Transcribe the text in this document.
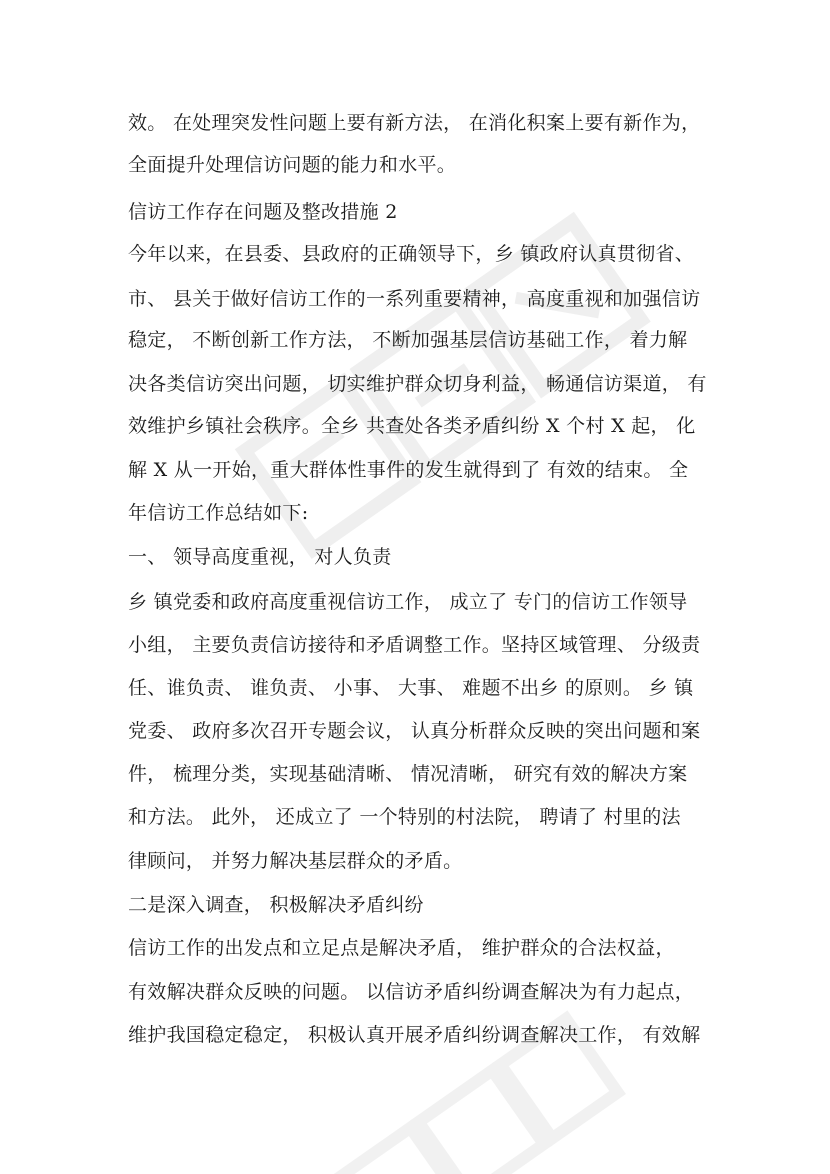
效。 在处理突发性问题上要有新方法， 在消化积案上要有新作为，
全面提升处理信访问题的能力和水平。
信访工作存在问题及整改措施 2
今年以来，在县委、县政府的正确领导下，乡 镇政府认真贯彻省、
市、 县关于做好信访工作的一系列重要精神， 高度重视和加强信访
稳定， 不断创新工作方法， 不断加强基层信访基础工作， 着力解
决各类信访突出问题， 切实维护群众切身利益， 畅通信访渠道， 有
效维护乡镇社会秩序。全乡 共查处各类矛盾纠纷 X 个村 X 起， 化
解 X 从一开始，重大群体性事件的发生就得到了 有效的结束。 全
年信访工作总结如下:
一、 领导高度重视， 对人负责
乡 镇党委和政府高度重视信访工作， 成立了 专门的信访工作领导
小组， 主要负责信访接待和矛盾调整工作。坚持区域管理、 分级责
任、谁负责、 谁负责、 小事、 大事、 难题不出乡 的原则。 乡 镇
党委、 政府多次召开专题会议， 认真分析群众反映的突出问题和案
件， 梳理分类，实现基础清晰、 情况清晰， 研究有效的解决方案
和方法。 此外， 还成立了 一个特别的村法院， 聘请了 村里的法
律顾问， 并努力解决基层群众的矛盾。
二是深入调查， 积极解决矛盾纠纷
信访工作的出发点和立足点是解决矛盾， 维护群众的合法权益，
有效解决群众反映的问题。 以信访矛盾纠纷调查解决为有力起点，
维护我国稳定稳定， 积极认真开展矛盾纠纷调查解决工作， 有效解
